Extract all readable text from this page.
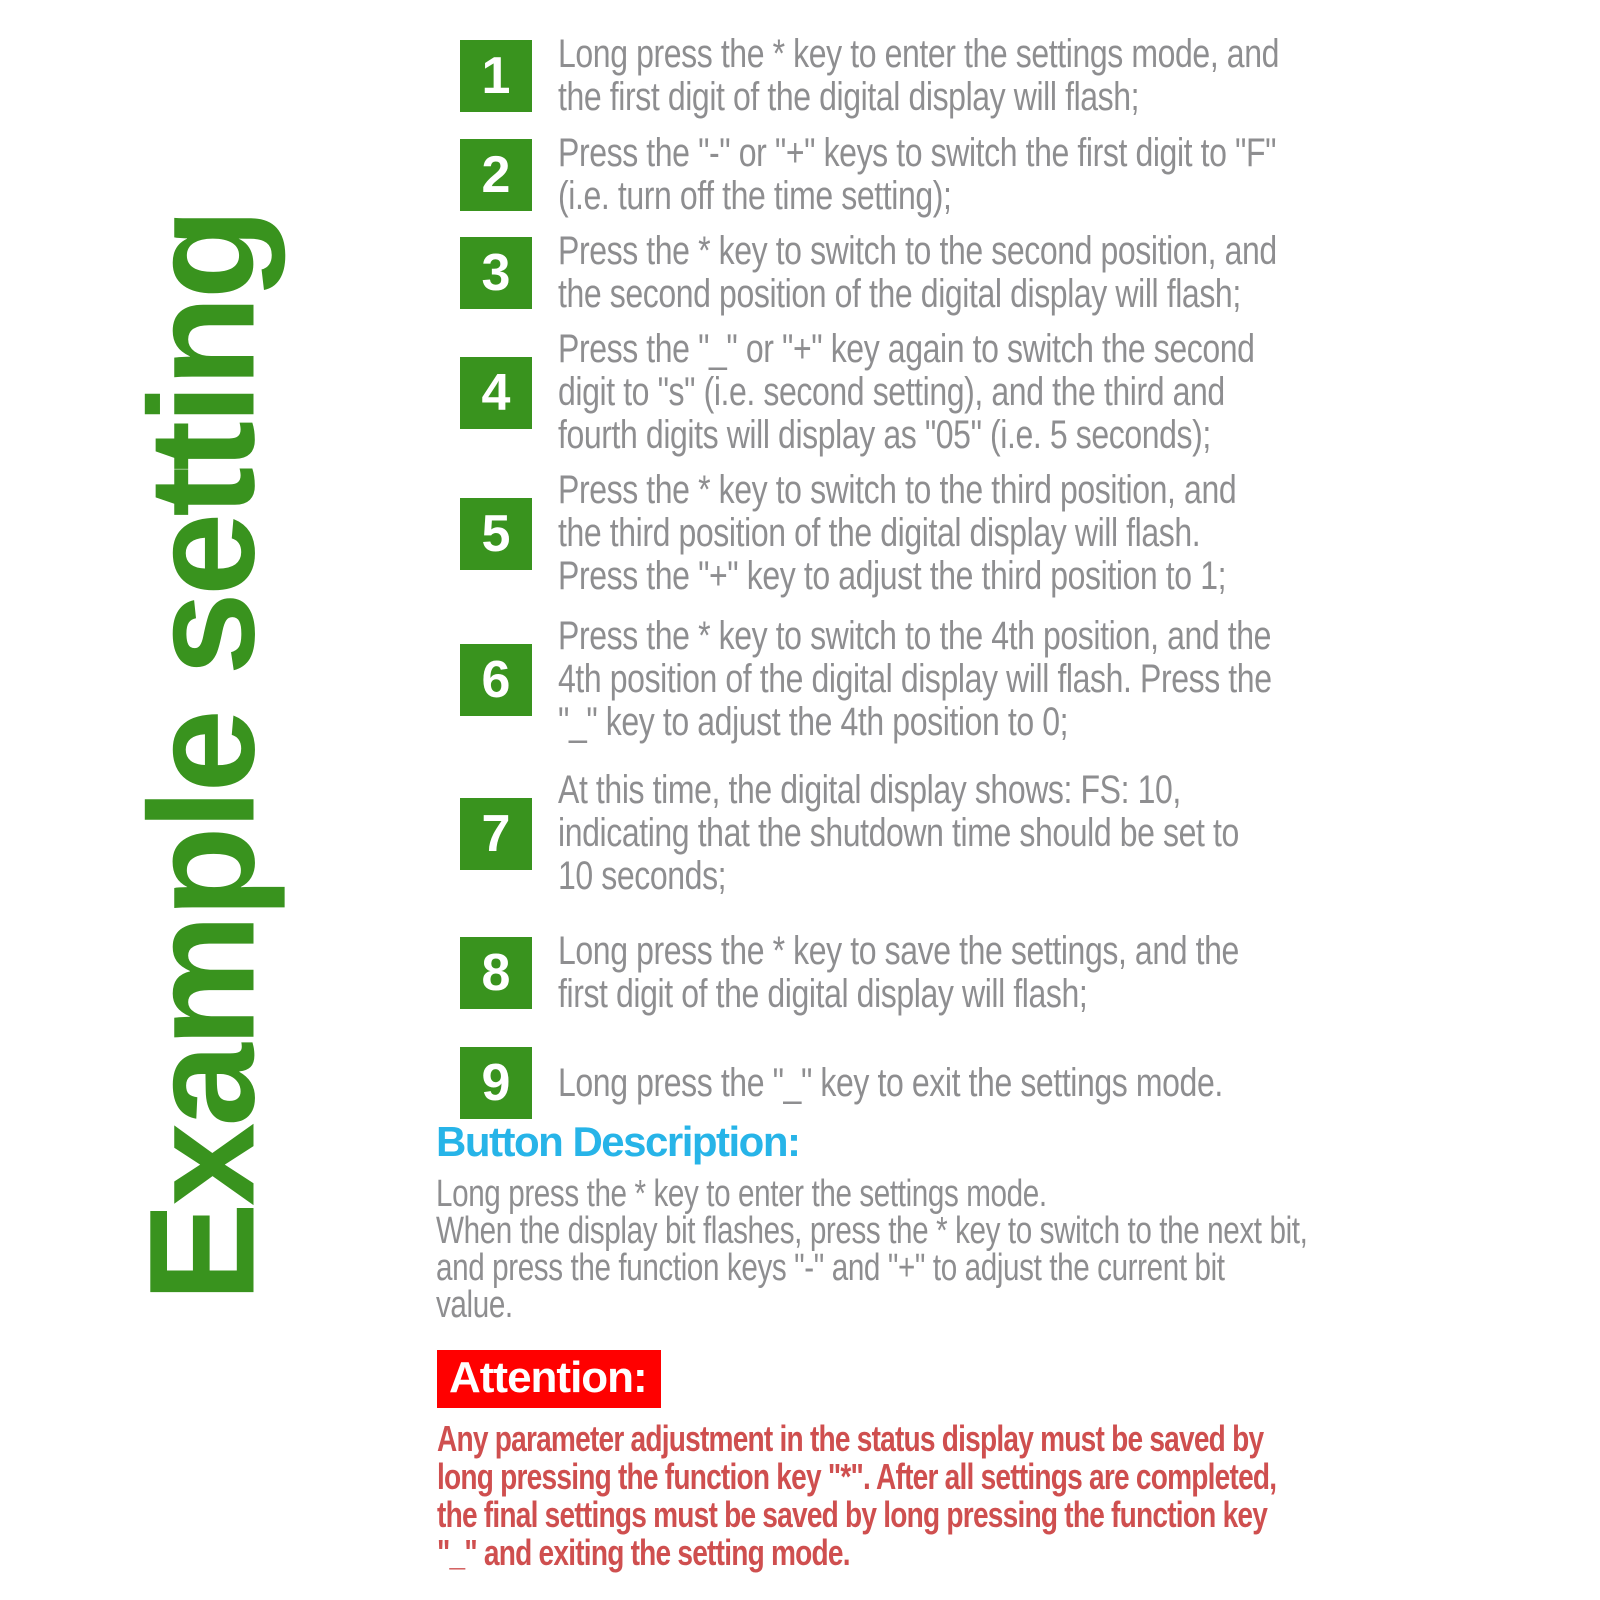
Example setting
1	Long press the * key to enter the settings mode, and
the first digit of the digital display will flash;
2	Press the "-" or "+" keys to switch the first digit to "F"
(i.e. turn off the time setting);
3	Press the * key to switch to the second position, and
the second position of the digital display will flash;
4
Press the "_" or "+" key again to switch the second
digit to "s" (i.e. second setting), and the third and
fourth digits will display as "05" (i.e. 5 seconds);
5
Press the * key to switch to the third position, and
the third position of the digital display will flash.
Press the "+" key to adjust the third position to 1;
6
Press the * key to switch to the 4th position, and the
4th position of the digital display will flash. Press the
"_" key to adjust the 4th position to 0;
7
At this time, the digital display shows: FS: 10,
indicating that the shutdown time should be set to
10 seconds;
8	Long press the * key to save the settings, and the
first digit of the digital display will flash;
9	Long press the "_" key to exit the settings mode.
Button Description:
Long press the * key to enter the settings mode.
When the display bit flashes, press the * key to switch to the next bit,
and press the function keys "-" and "+" to adjust the current bit
value.
Attention:
Any parameter adjustment in the status display must be saved by
long pressing the function key "*". After all settings are completed,
the final settings must be saved by long pressing the function key
"_" and exiting the setting mode.
